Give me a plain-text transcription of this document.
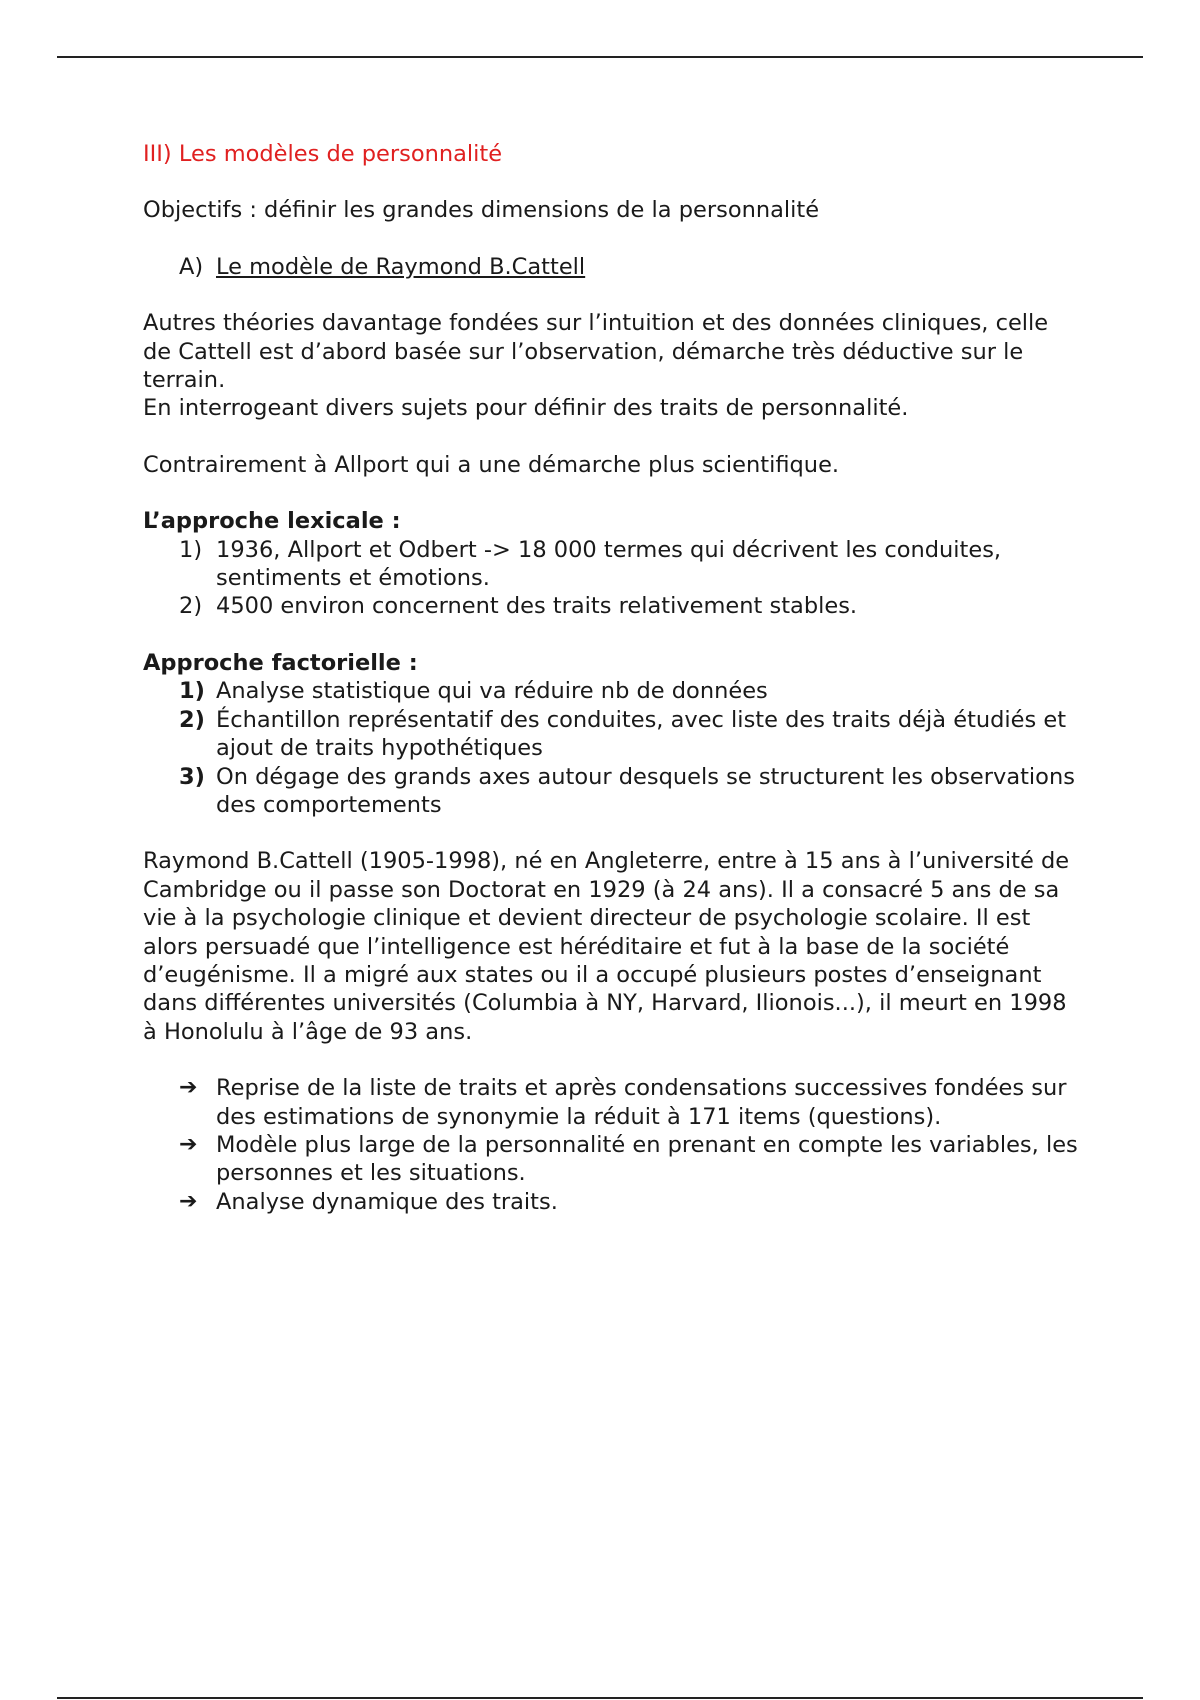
III) Les modèles de personnalité

Objectifs : définir les grandes dimensions de la personnalité

A) Le modèle de Raymond B.Cattell

Autres théories davantage fondées sur l’intuition et des données cliniques, celle de Cattell est d’abord basée sur l’observation, démarche très déductive sur le terrain.

En interrogeant divers sujets pour définir des traits de personnalité.

Contrairement à Allport qui a une démarche plus scientifique.

L’approche lexicale :

1) 1936, Allport et Odbert -> 18 000 termes qui décrivent les conduites, sentiments et émotions.
2) 4500 environ concernent des traits relativement stables.

Approche factorielle :

1) Analyse statistique qui va réduire nb de données
2) Échantillon représentatif des conduites, avec liste des traits déjà étudiés et ajout de traits hypothétiques
3) On dégage des grands axes autour desquels se structurent les observations des comportements

Raymond B.Cattell (1905-1998), né en Angleterre, entre à 15 ans à l’université de Cambridge ou il passe son Doctorat en 1929 (à 24 ans). Il a consacré 5 ans de sa vie à la psychologie clinique et devient directeur de psychologie scolaire. Il est alors persuadé que l’intelligence est héréditaire et fut à la base de la société d’eugénisme. Il a migré aux states ou il a occupé plusieurs postes d’enseignant dans différentes universités (Columbia à NY, Harvard, Ilionois...), il meurt en 1998 à Honolulu à l’âge de 93 ans.

➔ Reprise de la liste de traits et après condensations successives fondées sur des estimations de synonymie la réduit à 171 items (questions).
➔ Modèle plus large de la personnalité en prenant en compte les variables, les personnes et les situations.
➔ Analyse dynamique des traits.
